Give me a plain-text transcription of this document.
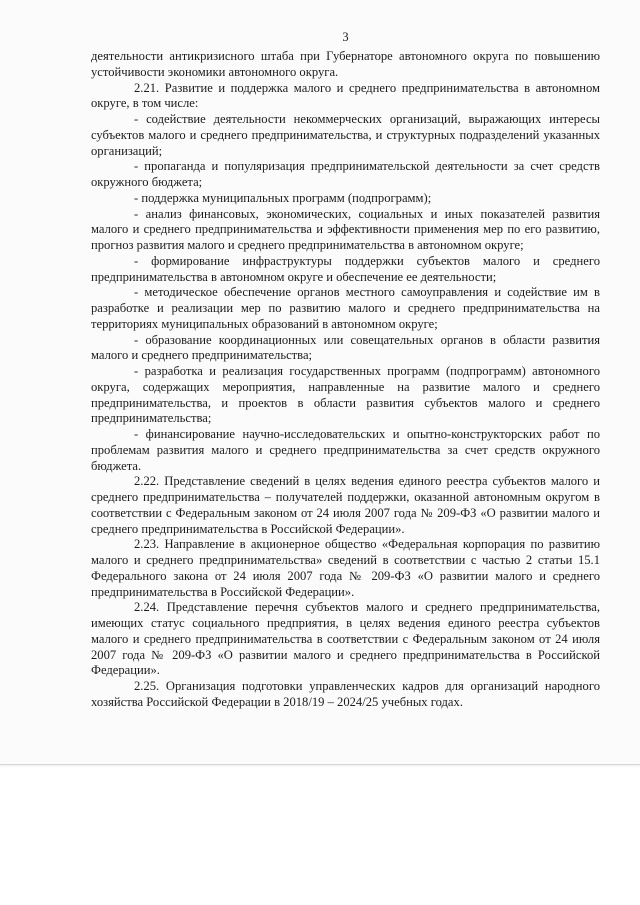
3

деятельности антикризисного штаба при Губернаторе автономного округа по повышению устойчивости экономики автономного округа.

2.21. Развитие и поддержка малого и среднего предпринимательства в автономном округе, в том числе:

- содействие деятельности некоммерческих организаций, выражающих интересы субъектов малого и среднего предпринимательства, и структурных подразделений указанных организаций;

- пропаганда и популяризация предпринимательской деятельности за счет средств окружного бюджета;

- поддержка муниципальных программ (подпрограмм);

- анализ финансовых, экономических, социальных и иных показателей развития малого и среднего предпринимательства и эффективности применения мер по его развитию, прогноз развития малого и среднего предпринимательства в автономном округе;

- формирование инфраструктуры поддержки субъектов малого и среднего предпринимательства в автономном округе и обеспечение ее деятельности;

- методическое обеспечение органов местного самоуправления и содействие им в разработке и реализации мер по развитию малого и среднего предпринимательства на территориях муниципальных образований в автономном округе;

- образование координационных или совещательных органов в области развития малого и среднего предпринимательства;

- разработка и реализация государственных программ (подпрограмм) автономного округа, содержащих мероприятия, направленные на развитие малого и среднего предпринимательства, и проектов в области развития субъектов малого и среднего предпринимательства;

- финансирование научно-исследовательских и опытно-конструкторских работ по проблемам развития малого и среднего предпринимательства за счет средств окружного бюджета.

2.22. Представление сведений в целях ведения единого реестра субъектов малого и среднего предпринимательства – получателей поддержки, оказанной автономным округом в соответствии с Федеральным законом от 24 июля 2007 года № 209-ФЗ «О развитии малого и среднего предпринимательства в Российской Федерации».

2.23. Направление в акционерное общество «Федеральная корпорация по развитию малого и среднего предпринимательства» сведений в соответствии с частью 2 статьи 15.1 Федерального закона от 24 июля 2007 года № 209-ФЗ «О развитии малого и среднего предпринимательства в Российской Федерации».

2.24. Представление перечня субъектов малого и среднего предпринимательства, имеющих статус социального предприятия, в целях ведения единого реестра субъектов малого и среднего предпринимательства в соответствии с Федеральным законом от 24 июля 2007 года № 209-ФЗ «О развитии малого и среднего предпринимательства в Российской Федерации».

2.25. Организация подготовки управленческих кадров для организаций народного хозяйства Российской Федерации в 2018/19 – 2024/25 учебных годах.
